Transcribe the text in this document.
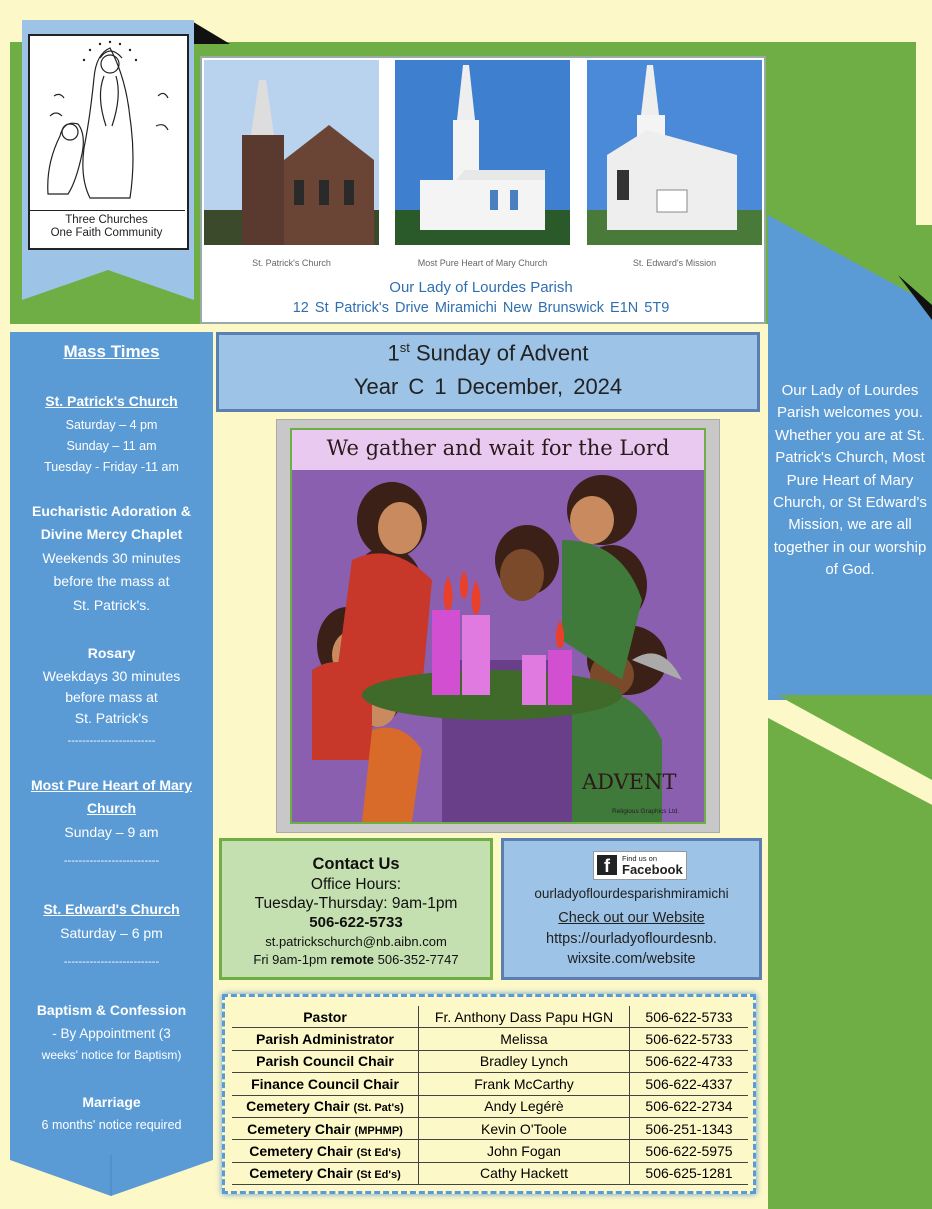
Three Churches
One Faith Community
St. Patrick's Church	Most Pure Heart of Mary Church	St. Edward's Mission
Our Lady of Lourdes Parish
12 St Patrick's Drive Miramichi New Brunswick E1N 5T9
Mass Times
St. Patrick's Church
Saturday – 4 pm
Sunday – 11 am
Tuesday - Friday -11 am
Eucharistic Adoration &
Divine Mercy Chaplet
Weekends 30 minutes
before the mass at
St. Patrick's.
Rosary
Weekdays 30 minutes
before mass at
St. Patrick's
------------------------
Most Pure Heart of Mary
Church
Sunday – 9 am
--------------------------
St. Edward's Church
Saturday – 6 pm
--------------------------
Baptism & Confession
- By Appointment (3
weeks' notice for Baptism)
Marriage
6 months' notice required
1st Sunday of Advent
Year C 1 December, 2024
We gather and wait for the Lord
ADVENT
Religious Graphics Ltd.
Contact Us
Office Hours:
Tuesday-Thursday: 9am-1pm
506-622-5733
st.patrickschurch@nb.aibn.com
Fri 9am-1pm remote 506-352-7747
f	Find us on
Facebook
ourladyoflourdesparishmiramichi
Check out our Website
https://ourladyoflourdesnb.
wixsite.com/website
Pastor	Fr. Anthony Dass Papu HGN	506-622-5733
Parish Administrator	Melissa	506-622-5733
Parish Council Chair	Bradley Lynch	506-622-4733
Finance Council Chair	Frank McCarthy	506-622-4337
Cemetery Chair (St. Pat's)	Andy Legérè	506-622-2734
Cemetery Chair (MPHMP)	Kevin O'Toole	506-251-1343
Cemetery Chair (St Ed's)	John Fogan	506-622-5975
Cemetery Chair (St Ed's)	Cathy Hackett	506-625-1281
Our Lady of Lourdes Parish welcomes you. Whether you are at St. Patrick's Church, Most Pure Heart of Mary Church, or St Edward's Mission, we are all together in our worship of God.
